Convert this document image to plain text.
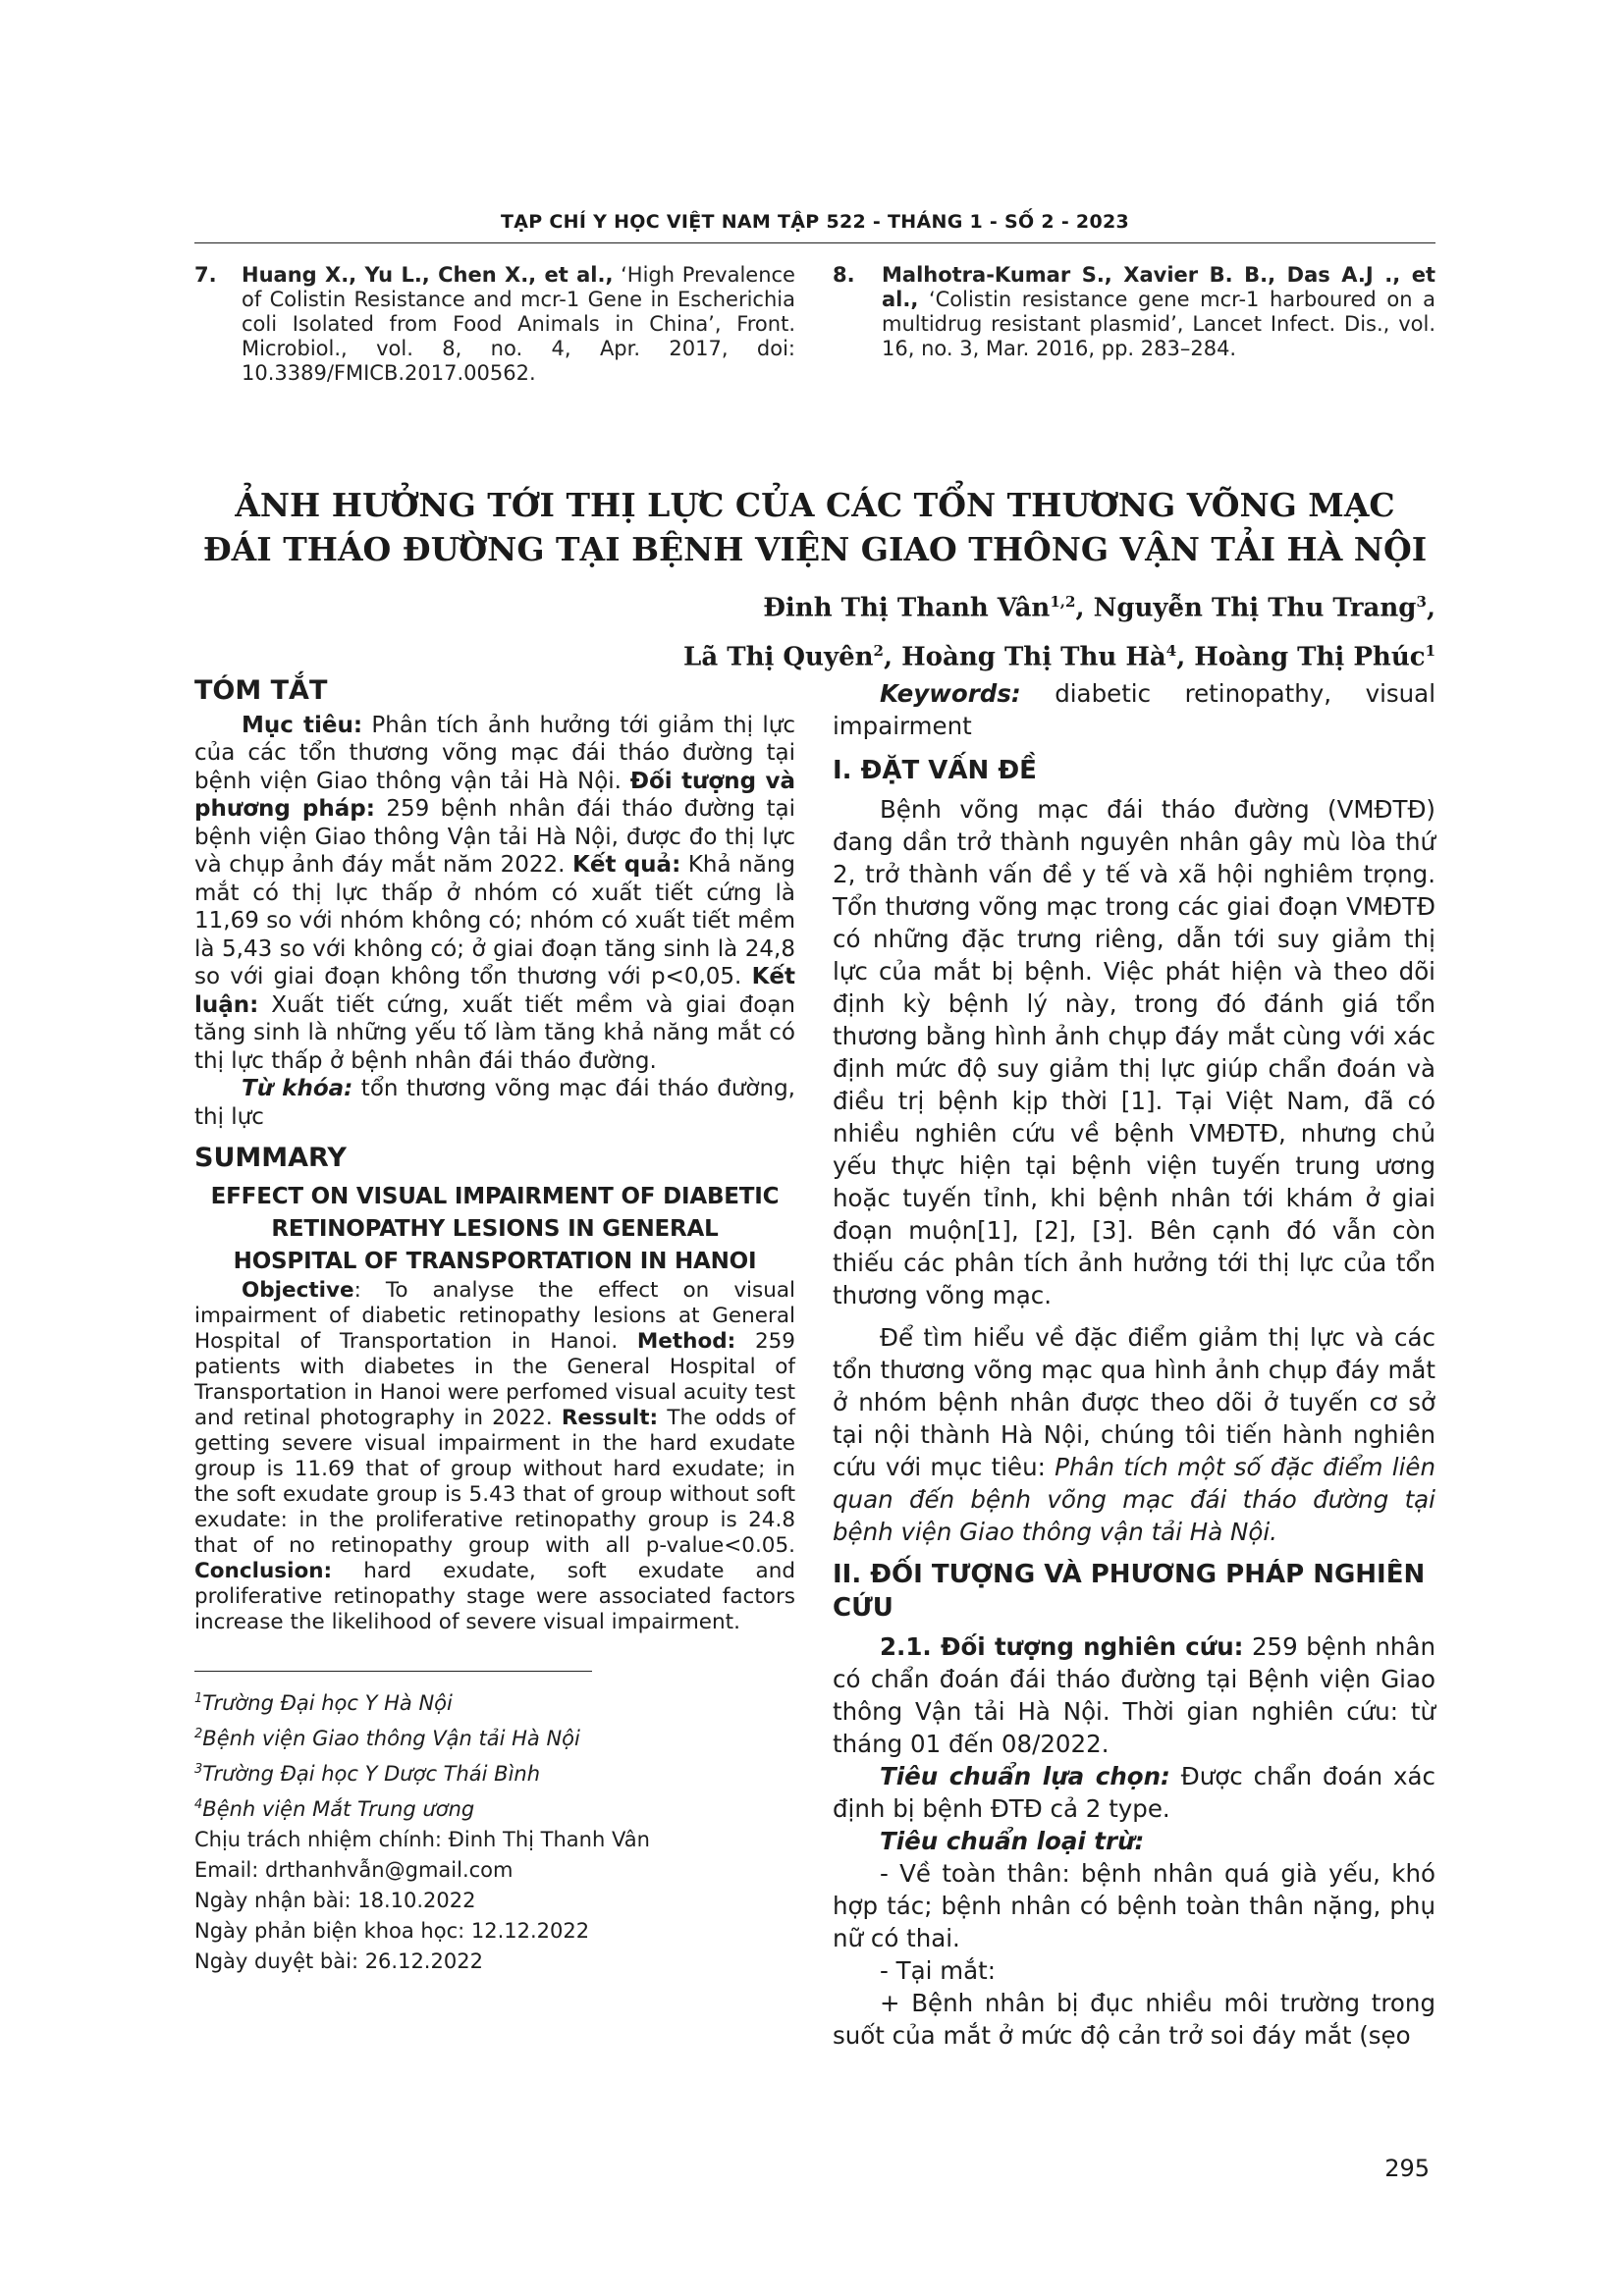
TẠP CHÍ Y HỌC VIỆT NAM TẬP 522 - THÁNG 1 - SỐ 2 - 2023
7.	Huang X., Yu L., Chen X., et al., ‘High Prevalence of Colistin Resistance and mcr-1 Gene in Escherichia coli Isolated from Food Animals in China’, Front. Microbiol., vol. 8, no. 4, Apr. 2017, doi: 10.3389/FMICB.2017.00562.
8.	Malhotra-Kumar S., Xavier B. B., Das A.J ., et al., ‘Colistin resistance gene mcr-1 harboured on a multidrug resistant plasmid’, Lancet Infect. Dis., vol. 16, no. 3, Mar. 2016, pp. 283–284.
ẢNH HƯỞNG TỚI THỊ LỰC CỦA CÁC TỔN THƯƠNG VÕNG MẠC
ĐÁI THÁO ĐƯỜNG TẠI BỆNH VIỆN GIAO THÔNG VẬN TẢI HÀ NỘI
Đinh Thị Thanh Vân$^{1,2}$, Nguyễn Thị Thu Trang$^3$,
Lã Thị Quyên$^2$, Hoàng Thị Thu $Hà^4$, Hoàng Thị Phúc$^1$
TÓM TẮT

Mục tiêu: Phân tích ảnh hưởng tới giảm thị lực của các tổn thương võng mạc đái tháo đường tại bệnh viện Giao thông vận tải Hà Nội. Đối tượng và phương pháp: 259 bệnh nhân đái tháo đường tại bệnh viện Giao thông Vận tải Hà Nội, được đo thị lực và chụp ảnh đáy mắt năm 2022. Kết quả: Khả năng mắt có thị lực thấp ở nhóm có xuất tiết cứng là 11,69 so với nhóm không có; nhóm có xuất tiết mềm là 5,43 so với không có; ở giai đoạn tăng sinh là 24,8 so với giai đoạn không tổn thương với p<0,05. Kết luận: Xuất tiết cứng, xuất tiết mềm và giai đoạn tăng sinh là những yếu tố làm tăng khả năng mắt có thị lực thấp ở bệnh nhân đái tháo đường.

Từ khóa: tổn thương võng mạc đái tháo đường, thị lực

SUMMARY
EFFECT ON VISUAL IMPAIRMENT OF DIABETIC
RETINOPATHY LESIONS IN GENERAL
HOSPITAL OF TRANSPORTATION IN HANOI

Objective: To analyse the effect on visual impairment of diabetic retinopathy lesions at General Hospital of Transportation in Hanoi. Method: 259 patients with diabetes in the General Hospital of Transportation in Hanoi were perfomed visual acuity test and retinal photography in 2022. Ressult: The odds of getting severe visual impairment in the hard exudate group is 11.69 that of group without hard exudate; in the soft exudate group is 5.43 that of group without soft exudate: in the proliferative retinopathy group is 24.8 that of no retinopathy group with all p-value<0.05. Conclusion: hard exudate, soft exudate and proliferative retinopathy stage were associated factors increase the likelihood of severe visual impairment.

$^1$Trường Đại học Y Hà Nội
$^2$Bệnh viện Giao thông Vận tải Hà Nội
$^3$Trường Đại học Y Dược Thái Bình
$^4$Bệnh viện Mắt Trung ương
Chịu trách nhiệm chính: Đinh Thị Thanh Vân
Email: drthanhvẫn@gmail.com
Ngày nhận bài: 18.10.2022
Ngày phản biện khoa học: 12.12.2022
Ngày duyệt bài: 26.12.2022

Keywords: diabetic retinopathy, visual impairment

I. ĐẶT VẤN ĐỀ

Bệnh võng mạc đái tháo đường (VMĐTĐ) đang dần trở thành nguyên nhân gây mù lòa thứ 2, trở thành vấn đề y tế và xã hội nghiêm trọng. Tổn thương võng mạc trong các giai đoạn VMĐTĐ có những đặc trưng riêng, dẫn tới suy giảm thị lực của mắt bị bệnh. Việc phát hiện và theo dõi định kỳ bệnh lý này, trong đó đánh giá tổn thương bằng hình ảnh chụp đáy mắt cùng với xác định mức độ suy giảm thị lực giúp chẩn đoán và điều trị bệnh kịp thời [1]. Tại Việt Nam, đã có nhiều nghiên cứu về bệnh VMĐTĐ, nhưng chủ yếu thực hiện tại bệnh viện tuyến trung ương hoặc tuyến tỉnh, khi bệnh nhân tới khám ở giai đoạn muộn[1], [2], [3]. Bên cạnh đó vẫn còn thiếu các phân tích ảnh hưởng tới thị lực của tổn thương võng mạc.

Để tìm hiểu về đặc điểm giảm thị lực và các tổn thương võng mạc qua hình ảnh chụp đáy mắt ở nhóm bệnh nhân được theo dõi ở tuyến cơ sở tại nội thành Hà Nội, chúng tôi tiến hành nghiên cứu với mục tiêu: Phân tích một số đặc điểm liên quan đến bệnh võng mạc đái tháo đường tại bệnh viện Giao thông vận tải Hà Nội.

II. ĐỐI TƯỢNG VÀ PHƯƠNG PHÁP NGHIÊN CỨU

2.1. Đối tượng nghiên cứu: 259 bệnh nhân có chẩn đoán đái tháo đường tại Bệnh viện Giao thông Vận tải Hà Nội. Thời gian nghiên cứu: từ tháng 01 đến 08/2022.

Tiêu chuẩn lựa chọn: Được chẩn đoán xác định bị bệnh ĐTĐ cả 2 type.

Tiêu chuẩn loại trừ:

- Về toàn thân: bệnh nhân quá già yếu, khó hợp tác; bệnh nhân có bệnh toàn thân nặng, phụ nữ có thai.

- Tại mắt:

+ Bệnh nhân bị đục nhiều môi trường trong suốt của mắt ở mức độ cản trở soi đáy mắt (sẹo

295
